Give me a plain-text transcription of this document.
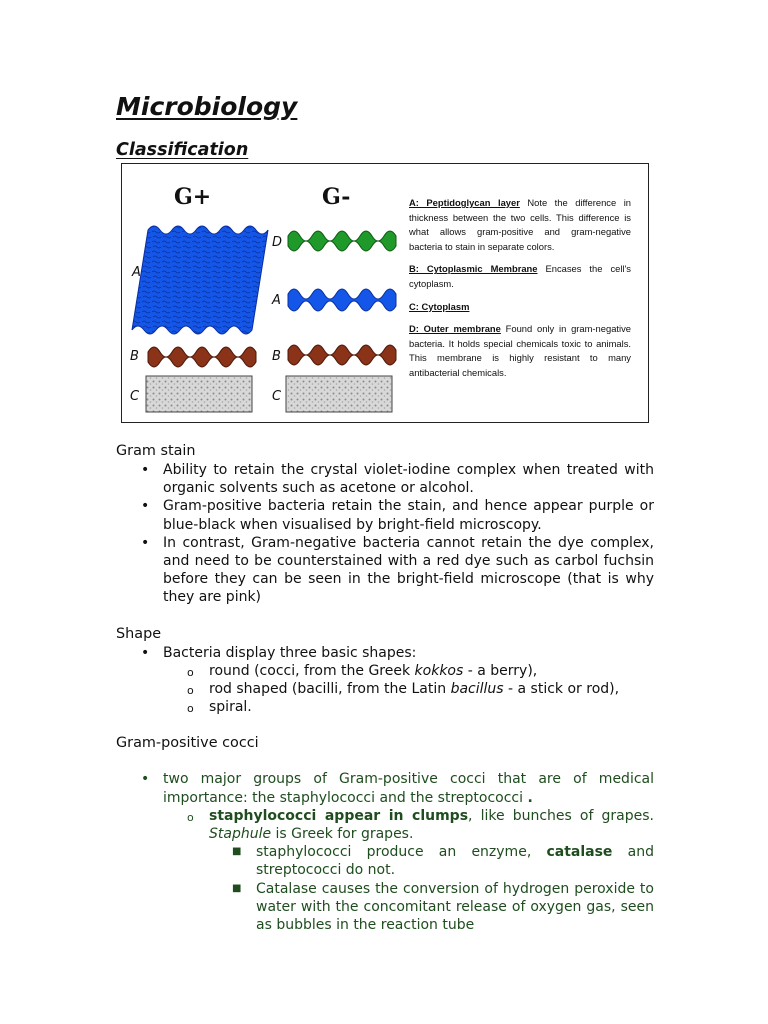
Microbiology
Classification
G+	G-
A
B
C
D
A
B
C

A: Peptidoglycan layer Note the difference in thickness between the two cells. This difference is what allows gram-positive and gram-negative bacteria to stain in separate colors.

B: Cytoplasmic Membrane Encases the cell's cytoplasm.

C: Cytoplasm

D: Outer membrane Found only in gram-negative bacteria. It holds special chemicals toxic to animals. This membrane is highly resistant to many antibacterial chemicals.

Gram stain
• Ability to retain the crystal violet-iodine complex when treated with organic solvents such as acetone or alcohol.
• Gram-positive bacteria retain the stain, and hence appear purple or blue-black when visualised by bright-field microscopy.
• In contrast, Gram-negative bacteria cannot retain the dye complex, and need to be counterstained with a red dye such as carbol fuchsin before they can be seen in the bright-field microscope (that is why they are pink)
Shape
• Bacteria display three basic shapes:
o round (cocci, from the Greek kokkos - a berry),
o rod shaped (bacilli, from the Latin bacillus - a stick or rod),
o spiral.
Gram-positive cocci
• two major groups of Gram-positive cocci that are of medical importance: the staphylococci and the streptococci .
o staphylococci appear in clumps, like bunches of grapes. Staphule is Greek for grapes.
■ staphylococci produce an enzyme, catalase and streptococci do not.
■ Catalase causes the conversion of hydrogen peroxide to water with the concomitant release of oxygen gas, seen as bubbles in the reaction tube
